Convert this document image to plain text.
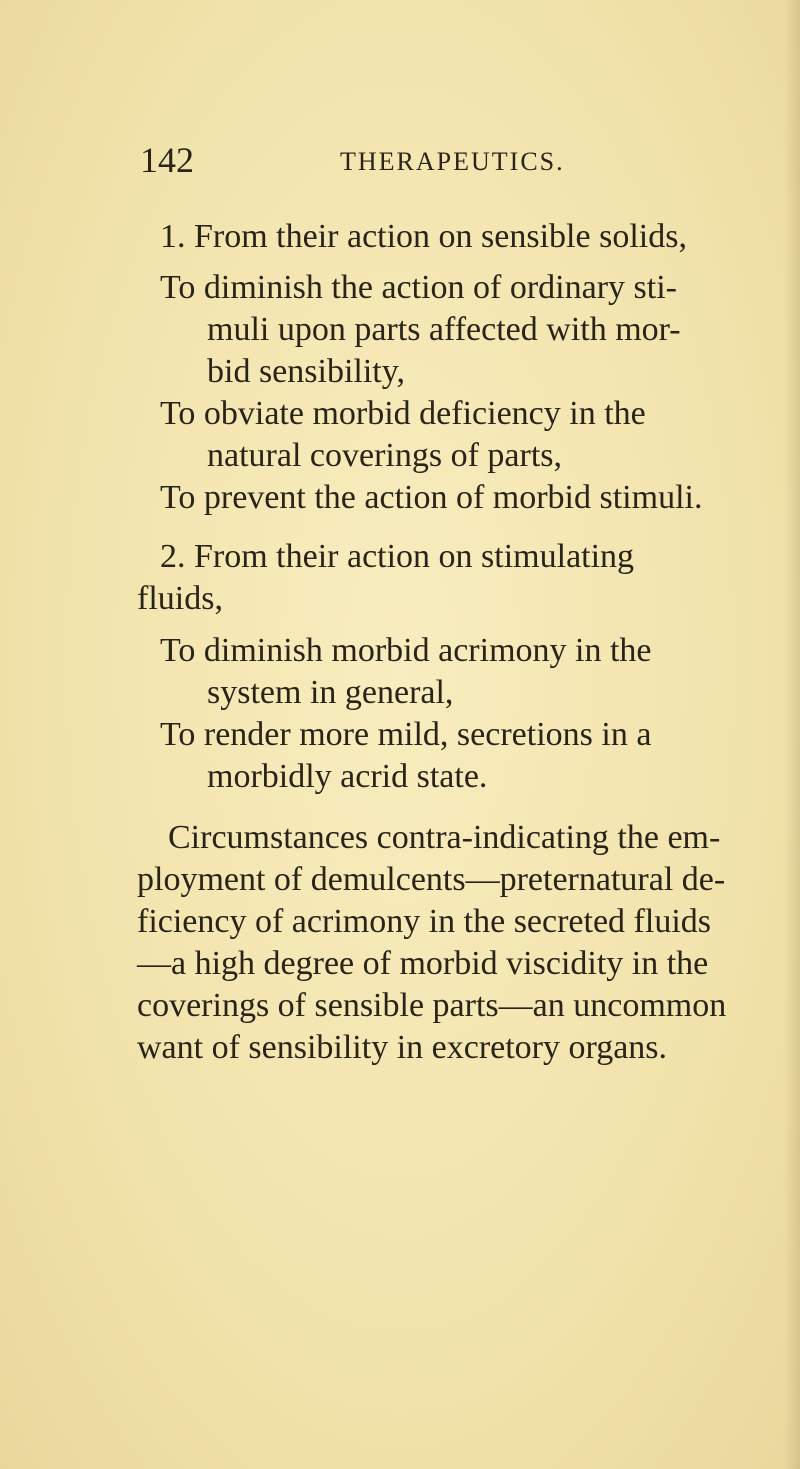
142	THERAPEUTICS.
1. From their action on sensible solids,
To diminish the action of ordinary sti-
muli upon parts affected with mor-
bid sensibility,
To obviate morbid deficiency in the
natural coverings of parts,
To prevent the action of morbid stimuli.
2. From their action on stimulating
fluids,
To diminish morbid acrimony in the
system in general,
To render more mild, secretions in a
morbidly acrid state.
Circumstances contra-indicating the em-
ployment of demulcents—preternatural de-
ficiency of acrimony in the secreted fluids
—a high degree of morbid viscidity in the
coverings of sensible parts—an uncommon
want of sensibility in excretory organs.
